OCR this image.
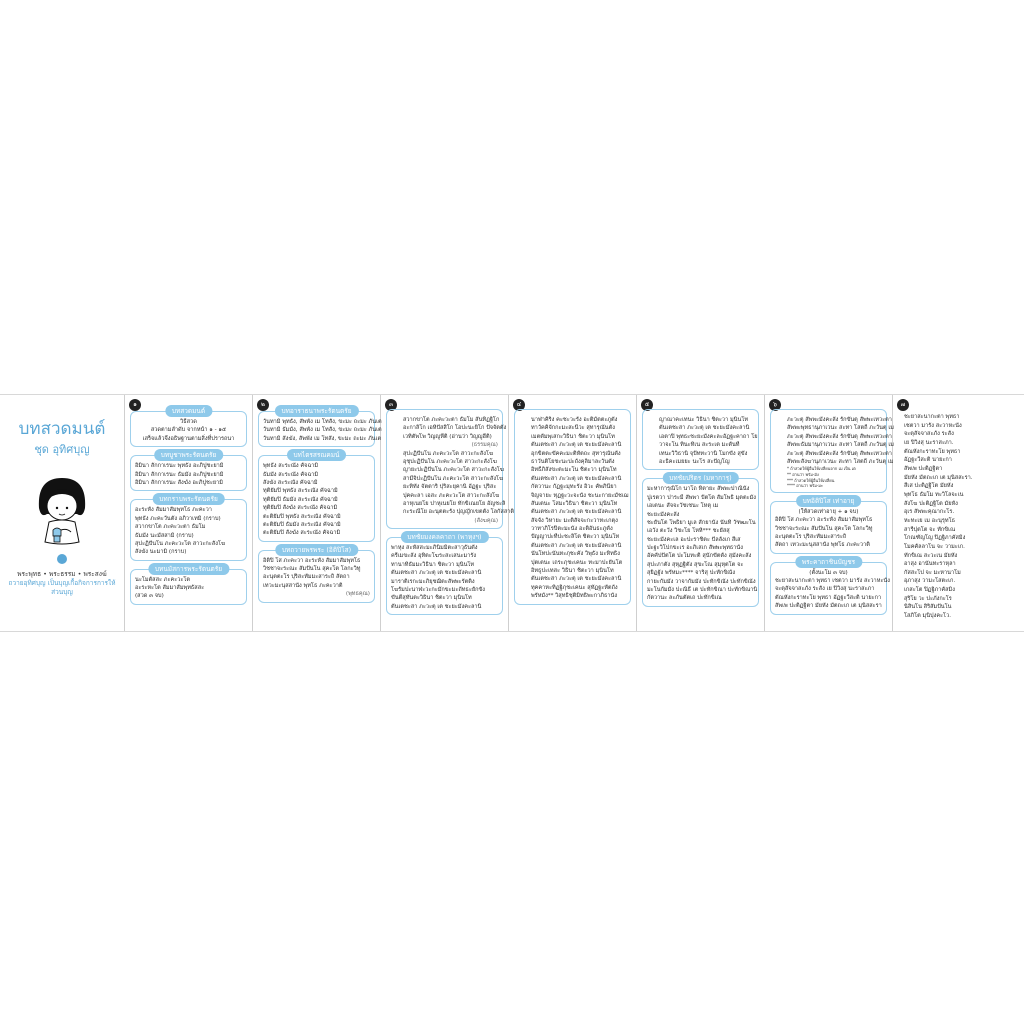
บทสวดมนต์
ชุด อุทิศบุญ
พระพุทธ • พระธรรม • พระสงฆ์
ถวายอุทิศบุญ เป็นบุญเกื้อกิจการการให้ส่วนบุญ
๑
บทสวดมนต์
วิธีสวด
สวดตามลำดับ จากหน้า ๑ - ๑๕
เสร็จแล้วจึงอธิษฐานตามสิ่งที่ปรารถนา
บทบูชาพระรัตนตรัย
อิมินา สักกาเรนะ พุทธัง อะภิปูชะยามิ
อิมินา สักกาเรนะ ธัมมัง อะภิปูชะยามิ
อิมินา สักกาเรนะ สังฆัง อะภิปูชะยามิ
บทกราบพระรัตนตรัย
อะระหัง สัมมาสัมพุทโธ ภะคะวา
พุทธัง ภะคะวันตัง อภิวาเทมิ (กราบ)
สวากขาโต ภะคะวะตา ธัมโม
ธัมมัง นะมัสสามิ (กราบ)
สุปะฏิปันโน ภะคะวะโต สาวะกะสังโฆ
สังฆัง นะมามิ (กราบ)
บทนมัสการพระรัตนตรัย
นะโมตัสสะ ภะคะวะโต
อะระหะโต สัมมาสัมพุทธัสสะ
(สวด ๓ จบ)
๒
บทอาราธนาพระรัตนตรัย
วันทามิ พุทธัง, สัพพัง เม โทสัง, ขะมะ ถะมะ ภันเต
วันทามิ ธัมมัง, สัพพัง เม โทสัง, ขะมะ ถะมะ ภันเต
วันทามิ สังฆัง, สัพพัง เม โทสัง, ขะมะ ถะมะ ภันเต
บทไตรสรณคมน์
พุทธัง สะระณัง คัจฉามิ
ธัมมัง สะระณัง คัจฉามิ
สังฆัง สะระณัง คัจฉามิ
ทุติยัมปิ พุทธัง สะระณัง คัจฉามิ
ทุติยัมปิ ธัมมัง สะระณัง คัจฉามิ
ทุติยัมปิ สังฆัง สะระณัง คัจฉามิ
ตะติยัมปิ พุทธัง สะระณัง คัจฉามิ
ตะติยัมปิ ธัมมัง สะระณัง คัจฉามิ
ตะติยัมปิ สังฆัง สะระณัง คัจฉามิ
บทถวายพรพระ (อิติปิโส)
อิติปิ โส ภะคะวา อะระหัง สัมมาสัมพุทโธ
วิชชาจะระณะ สัมปันโน สุคะโต โลกะวิทู
อะนุตตะโร ปุริสะทัมมะสาระถิ สัตถา
เทวะมะนุสสานัง พุทโธ ภะคะวาติ
(พุทธคุณ)
๓
สวากขาโต ภะคะวะตา ธัมโม สันทิฏฐิโก
อะกาลิโก เอหิปัสสิโก โอปะนะยิโก ปัจจัตตัง
เวทิตัพโพ วิญญูหีติ (อ่านว่า วิญญูฮีติ)
(ธรรมคุณ)
สุปะฏิปันโน ภะคะวะโต สาวะกะสังโฆ
อุชุปะฏิปันโน ภะคะวะโต สาวะกะสังโฆ
ญายะปะฏิปันโน ภะคะวะโต สาวะกะสังโฆ
สามีจิปะฏิปันโน ภะคะวะโต สาวะกะสังโฆ
ยะทิทัง จัตตาริ ปุริสะยุคานิ อัฏฐะ ปุริสะ
ปุคคะลา เอสะ ภะคะวะโต สาวะกะสังโฆ
อาหุเนยโย ปาหุเนยโย ทักขิเณยโย อัญชะลิ
กะระณีโย อะนุตตะรัง ปุญญักเขตตัง โลกัสสาติ
(สังฆคุณ)
บทชัยมงคลคาถา (พาหุงฯ)
พาหุง สะหัสสะมะภินิมมิตะสาวุธันตัง
ครีเมขะลัง อุทิตะโฆระสะเสนะมารัง
ทานาทิธัมมะวิธินา ชิตะวา มุนินโท
ตันเตชะสา ภะวะตุ เต ชะยะมังคะลานิ
มาราติเรกะมะภิยุชฌิตะสัพพะรัตติง
โฆรัมปะนาฬะวะกะมักขะมะถัทธะยักขัง
ขันตีสุทันตะวิธินา ชิตะวา มุนินโท
ตันเตชะสา ภะวะตุ เต ชะยะมังคะลานิ
๔
นาฬาคิริง คะชะวะรัง อะติมัตตะภูตัง
ทาวัคคิจักกะมะสะนีวะ สุทารุณันตัง
เมตตัมพุเสกะวิธินา ชิตะวา มุนินโท
ตันเตชะสา ภะวะตุ เต ชะยะมังคะลานิ
อุกขิตตะขัคคะมะติหัตถะ สุทารุณันตัง
ธาวันติโยชะนะปะถังคุลิมาละวันตัง
อิทธีภิสังขะตะมะโน ชิตะวา มุนินโท
ตันเตชะสา ภะวะตุ เต ชะยะมังคะลานิ
กัตวานะ กัฏฐะมุทะรัง อิวะ คัพภินียา
จิญจายะ ทุฏฐะวะจะนัง ชะนะกายะมัชเฌ
สันเตนะ โสมะวิธินา ชิตะวา มุนินโท
ตันเตชะสา ภะวะตุ เต ชะยะมังคะลานิ
สัจจัง วิหายะ มะติสัจจะกะวาทะเกตุง
วาทาภิโรปิตะมะนัง อะติอันธะภูตัง
ปัญญาปะทีปะชะลิโต ชิตะวา มุนินโท
ตันเตชะสา ภะวะตุ เต ชะยะมังคะลานิ
นันโทปะนันทะภุชะคัง วิพุธัง มะหิทธิง
ปุตเตนะ เถระภุชะเคนะ ทะมาปะยันโต
อิทธูปะเทสะ วิธินา ชิตะวา มุนินโท
ตันเตชะสา ภะวะตุ เต ชะยะมังคะลานิ
ทุคคาหะทิฏฐิภุชะเคนะ สุทัฏฐะหัตถัง
พรัหมัง** วิสุทธิชุติมิทธิพะกาภิธานัง
๕
ญาณาคะเทนะ วิธินา ชิตะวา มุนินโท
ตันเตชะสา ภะวะตุ เต ชะยะมังคะลานิ
เอตาปิ พุทธะชะยะมังคะละอัฏฐะคาถา โย
วาจะโน ทินะทิเน สะระเต มะตันที
เทนะวิวิธานิ จุปัททะวานิ โมกขัง สุขัง
อะธิคะเมยยะ นะโร สะปัญโญ
บทชัยปริตร (มหาการุ)
มะหาการุณิโก นาโถ หิตายะ สัพพะปาณินัง
ปูเรตวา ปาระมี สัพพา ปัตโต สัมโพธิ มุตตะมัง
เอเตนะ สัจจะวัชเชนะ โหตุ เม
ชะยะมังคะลัง
ชะยันโต โพธิยา มูเล สักยานัง นันทิ วัฑฒะโน
เอวัง ตะวัง วิชะโย โหหิ*** ชะยัสสุ
ชะยะมังคะเล อะปะราชิตะ ปัลลังเก สีเส
ปะฐะวิโปกขะเร อะภิเสเก สัพพะพุทธานัง
อัคคัปปัตโต ปะโมทะติ สุนักขัตตัง สุมังคะลัง
สุปะภาตัง สุหุฏฐิตัง สุขะโณ สุมุหุตโต จะ
สุยิฏฐัง พรัหมะ**** จาริสุ ปะทักขิณัง
กายะกัมมัง วาจากัมมัง ปะทักขิณัง ปะทักขิณัง
มะโนกัมมัง ปะณิธี เต ปะทักขิณา ปะทักขิณานิ
กัตวานะ ละภันตัตเถ ปะทักขิเณ
๖
ภะวะตุ สัพพะมังคะลัง รักขันตุ สัพพะเทวะตา
สัพพะพุทธานุภาเวนะ สะทา โสตถี ภะวันตุ เม
ภะวะตุ สัพพะมังคะลัง รักขันตุ สัพพะเทวะตา
สัพพะธัมมานุภาเวนะ สะทา โสตถี ภะวันตุ เม
ภะวะตุ สัพพะมังคะลัง รักขันตุ สัพพะเทวะตา
สัพพะสังฆานุภาเวนะ สะทา โสตถี ภะวันตุ เม
* ถ้าสวดให้ผู้อื่นให้เปลี่ยนจาก เม เป็น เต
** อ่านว่า พรัม-มัง
*** ถ้าสวดให้ผู้อื่นให้เปลี่ยน
**** อ่านว่า พรัม-มะ
บทอิติปิโส เท่าอายุ
(ให้สวดเท่าอายุ + ๑ จบ)
อิติปิ โส ภะคะวา อะระหัง สัมมาสัมพุทโธ
วิชชาจะระณะ สัมปันโน สุคะโต โลกะวิทู
อะนุตตะโร ปุริสะทัมมะสาระถิ
สัตถา เทวะมะนุสสานัง พุทโธ ภะคะวาติ
พระคาถาชินบัญชร
(ตั้งนะโม ๓ จบ)
ชะยาสะนากะตา พุทธา เชตวา มารัง สะวาหะนัง
จะตุสัจจาสะภัง ระสัง เย ปิวิงสุ นะราสะภา
ตัณหังกะราทะโย พุทธา อัฏฐะวีสะติ นายะกา
สัพเพ ปะติฏฐิตา มัยหัง มัตถะเก เต มุนิสสะรา
๗
ชะยาสะนากะตา พุทธา
เชตวา มารัง สะวาหะนัง
จะตุสัจจาสะภัง ระสัง
เย ปิวิงสุ นะราสะภา.
ตัณหังกะราทะโย พุทธา
อัฏฐะวีสะติ นายะกา
สัพเพ ปะติฏฐิตา
มัยหัง มัตถะเก เต มุนิสสะรา.
สีเส ปะติฏฐิโต มัยหัง
พุทโธ ธัมโม ทะวิโลจะเน
สังโฆ ปะติฏฐิโต มัยหัง
อุเร สัพพะคุณากะโร.
หะทะเย เม อะนุรุทโธ
สารีปุตโต จะ ทักขิเณ
โกณฑัญโญ ปิฏฐิภาคัสมิง
โมคคัลลาโน จะ วามะเก.
ทักขิเณ สะวะเน มัยหัง
อาสุง อานันทะราหุลา
กัสสะโป จะ มะหานาโม
อุภาสุง วามะโสตะเก.
เกสะโต ปิฏฐิภาคัสมิง
สุริโย วะ ปะภังกะโร
นิสินโน สิริสัมปันโน
โสภิโต มุนิปุงคะโว.
